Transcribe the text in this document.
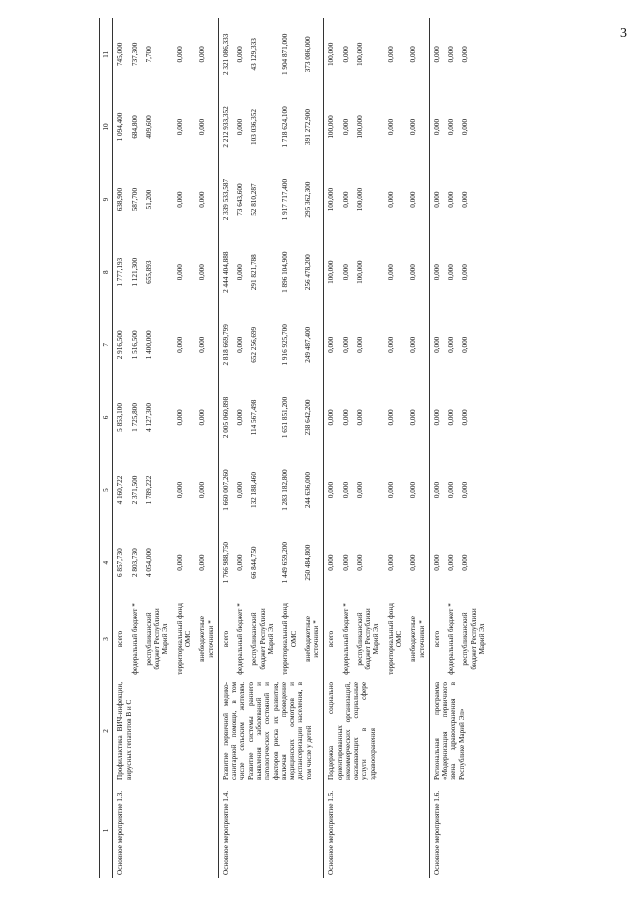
3
1	2	3	4	5	6	7	8	9	10	11
Основное мероприятие 1.3.	Профилактика ВИЧ-инфекции, вирусных гепатитов В и С	всего	6 857,730	4 160,722	5 853,100	2 916,500	1 777,193	638,900	1 094,400	745,000
		федеральный бюджет *	2 803,730	2 371,500	1 725,800	1 516,500	1 121,300	587,700	684,800	737,300
		республиканский бюджет Республики Марий Эл	4 054,000	1 789,222	4 127,300	1 400,000	655,893	51,200	409,600	7,700
		территориальный фонд ОМС	0,000	0,000	0,000	0,000	0,000	0,000	0,000	0,000
		внебюджетные источники *	0,000	0,000	0,000	0,000	0,000	0,000	0,000	0,000
Основное мероприятие 1.4.	Развитие первичной медико-санитарной помощи, в том числе сельским жителям. Развитие системы раннего выявления заболеваний и патологических состояний и факторов риска их развития, включая проведение медицинских осмотров и диспансеризации населения, в том числе у детей	всего	1 766 988,750	1 660 007,260	2 005 060,898	2 818 669,799	2 444 404,888	2 339 533,587	2 212 933,352	2 321 086,333
		федеральный бюджет *	0,000	0,000	0,000	0,000	0,000	73 643,600	0,000	0,000
		республиканский бюджет Республики Марий Эл	66 844,750	132 188,460	114 567,498	652 256,699	291 821,788	52 810,287	103 036,352	43 129,333
		территориальный фонд ОМС	1 449 659,200	1 283 182,800	1 651 851,200	1 916 925,700	1 896 104,900	1 917 717,400	1 718 624,100	1 904 871,000
		внебюджетные источники *	250 484,800	244 636,000	238 642,200	249 487,400	256 478,200	295 362,300	391 272,900	373 086,000
Основное мероприятие 1.5.	Поддержка социально ориентированных некоммерческих организаций, оказывающих социальные услуги в сфере здравоохранения	всего	0,000	0,000	0,000	0,000	100,000	100,000	100,000	100,000
		федеральный бюджет *	0,000	0,000	0,000	0,000	0,000	0,000	0,000	0,000
		республиканский бюджет Республики Марий Эл	0,000	0,000	0,000	0,000	100,000	100,000	100,000	100,000
		территориальный фонд ОМС	0,000	0,000	0,000	0,000	0,000	0,000	0,000	0,000
		внебюджетные источники *	0,000	0,000	0,000	0,000	0,000	0,000	0,000	0,000
Основное мероприятие 1.6.	Региональная программа «Модернизация первичного звена здравоохранения в Республике Марий Эл»	всего	0,000	0,000	0,000	0,000	0,000	0,000	0,000	0,000
		федеральный бюджет *	0,000	0,000	0,000	0,000	0,000	0,000	0,000	0,000
		республиканский бюджет Республики Марий Эл	0,000	0,000	0,000	0,000	0,000	0,000	0,000	0,000
